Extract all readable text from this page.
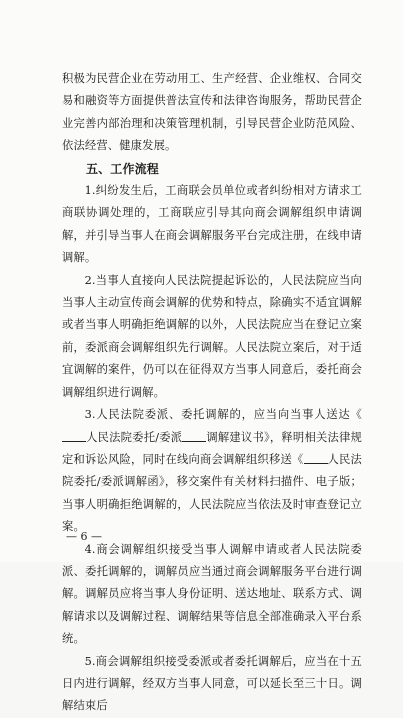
积极为民营企业在劳动用工、生产经营、企业维权、合同交易和融资等方面提供普法宣传和法律咨询服务，帮助民营企业完善内部治理和决策管理机制，引导民营企业防范风险、依法经营、健康发展。

五、工作流程

1.纠纷发生后，工商联会员单位或者纠纷相对方请求工商联协调处理的，工商联应引导其向商会调解组织申请调解，并引导当事人在商会调解服务平台完成注册，在线申请调解。

2.当事人直接向人民法院提起诉讼的，人民法院应当向当事人主动宣传商会调解的优势和特点，除确实不适宜调解或者当事人明确拒绝调解的以外，人民法院应当在登记立案前，委派商会调解组织先行调解。人民法院立案后，对于适宜调解的案件，仍可以在征得双方当事人同意后，委托商会调解组织进行调解。

3.人民法院委派、委托调解的，应当向当事人送达《人民法院委托/委派 调解建议书》，释明相关法律规定和诉讼风险，同时在线向商会调解组织移送《 人民法院委托/委派调解函》，移交案件有关材料扫描件、电子版；当事人明确拒绝调解的，人民法院应当依法及时审查登记立案。

4.商会调解组织接受当事人调解申请或者人民法院委派、委托调解的，调解员应当通过商会调解服务平台进行调解。调解员应将当事人身份证明、送达地址、联系方式、调解请求以及调解过程、调解结果等信息全部准确录入平台系统。

5.商会调解组织接受委派或者委托调解后，应当在十五日内进行调解，经双方当事人同意，可以延长至三十日。调解结束后

— 6 —
